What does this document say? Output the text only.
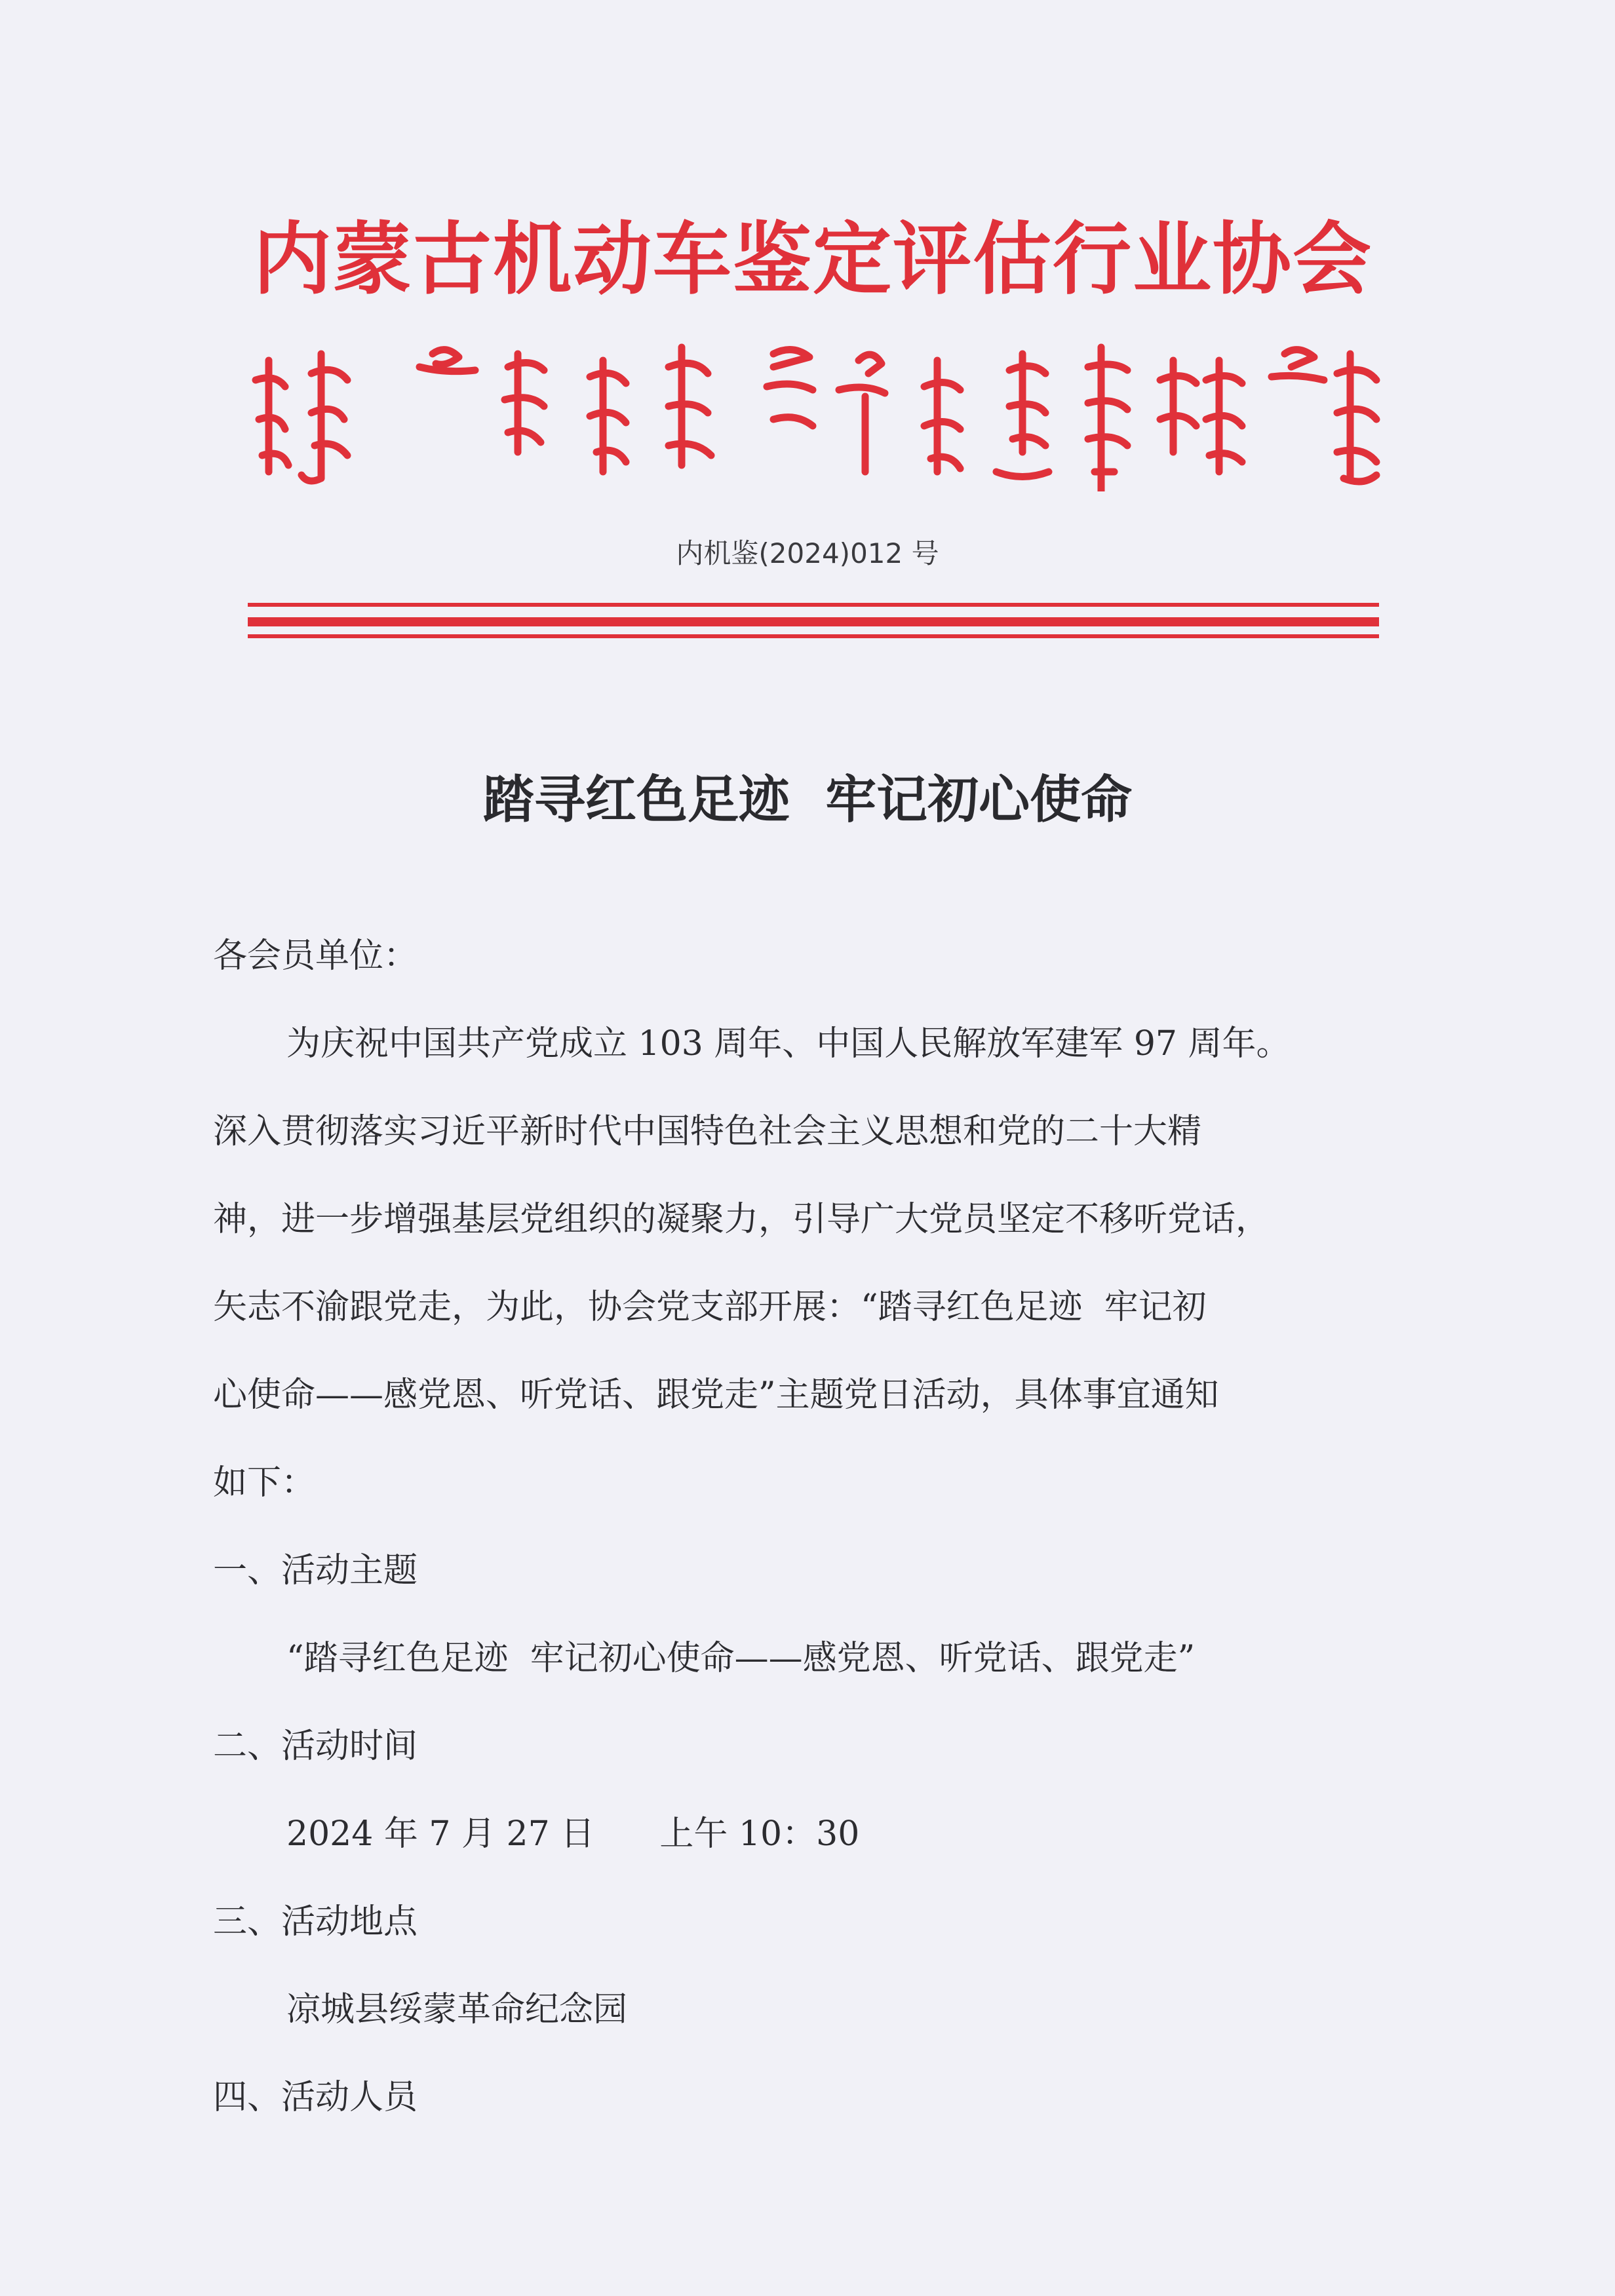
内蒙古机动车鉴定评估行业协会
内机鉴(2024)012 号
踏寻红色足迹  牢记初心使命
各会员单位：
为庆祝中国共产党成立 103 周年、中国人民解放军建军 97 周年。
深入贯彻落实习近平新时代中国特色社会主义思想和党的二十大精
神，进一步增强基层党组织的凝聚力，引导广大党员坚定不移听党话，
矢志不渝跟党走，为此，协会党支部开展：“踏寻红色足迹  牢记初
心使命——感党恩、听党话、跟党走”主题党日活动，具体事宜通知
如下：
一、活动主题
“踏寻红色足迹  牢记初心使命——感党恩、听党话、跟党走”
二、活动时间
2024 年 7 月 27 日      上午 10：30
三、活动地点
凉城县绥蒙革命纪念园
四、活动人员
